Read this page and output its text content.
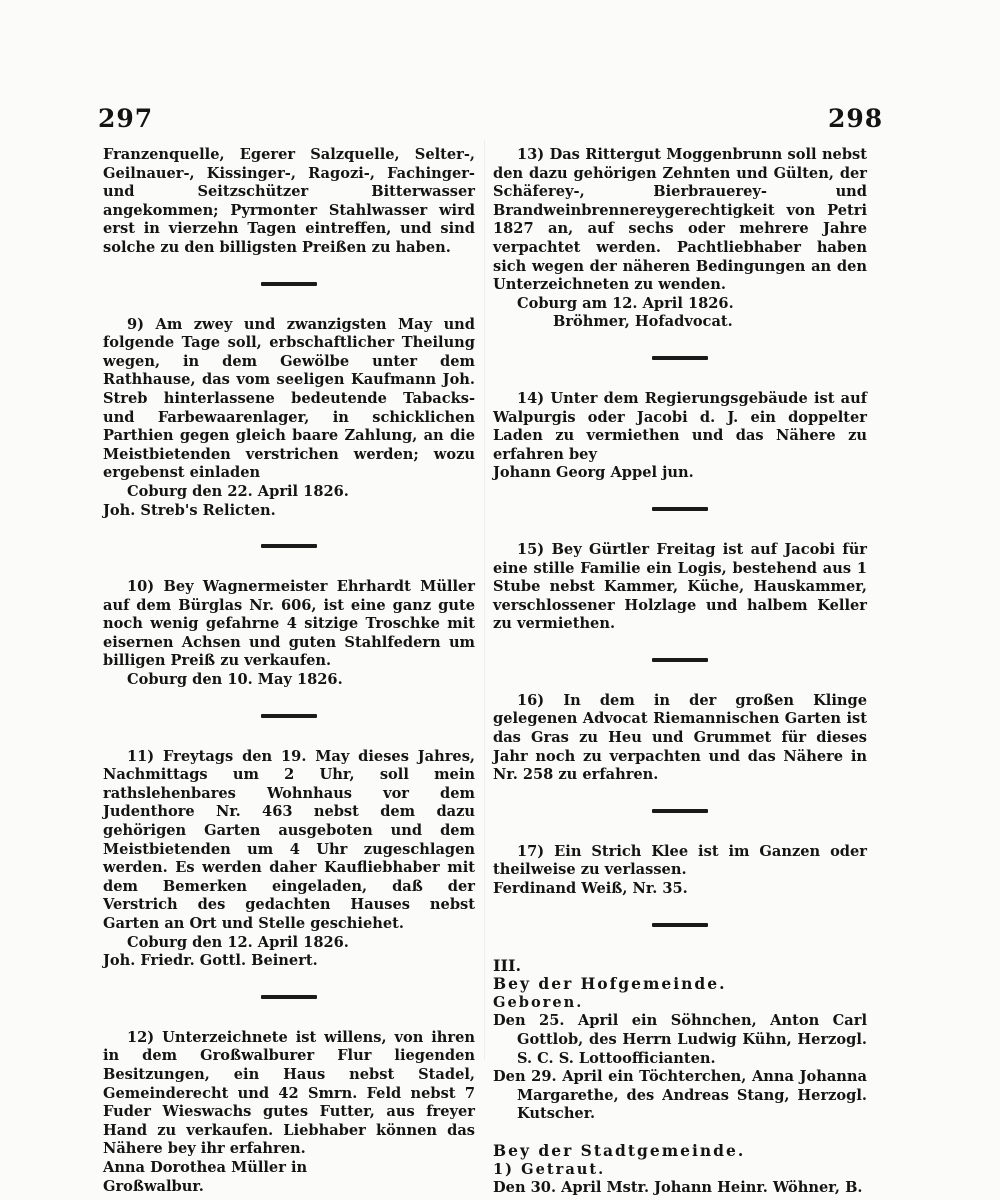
297	298

Franzenquelle, Egerer Salzquelle, Selter-, Geilnauer-, Kissinger-, Ragozi-, Fachinger- und Seitzschützer Bitterwasser angekommen; Pyrmonter Stahlwasser wird erst in vierzehn Tagen eintreffen, und sind solche zu den billigsten Preißen zu haben.

9) Am zwey und zwanzigsten May und folgende Tage soll, erbschaftlicher Theilung wegen, in dem Gewölbe unter dem Rathhause, das vom seeligen Kaufmann Joh. Streb hinterlassene bedeutende Tabacks- und Farbewaarenlager, in schicklichen Parthien gegen gleich baare Zahlung, an die Meistbietenden verstrichen werden; wozu ergebenst einladen

Coburg den 22. April 1826.

Joh. Streb's Relicten.

10) Bey Wagnermeister Ehrhardt Müller auf dem Bürglas Nr. 606, ist eine ganz gute noch wenig gefahrne 4 sitzige Troschke mit eisernen Achsen und guten Stahlfedern um billigen Preiß zu verkaufen.

Coburg den 10. May 1826.

11) Freytags den 19. May dieses Jahres, Nachmittags um 2 Uhr, soll mein rathslehenbares Wohnhaus vor dem Judenthore Nr. 463 nebst dem dazu gehörigen Garten ausgeboten und dem Meistbietenden um 4 Uhr zugeschlagen werden. Es werden daher Kaufliebhaber mit dem Bemerken eingeladen, daß der Verstrich des gedachten Hauses nebst Garten an Ort und Stelle geschiehet.

Coburg den 12. April 1826.

Joh. Friedr. Gottl. Beinert.

12) Unterzeichnete ist willens, von ihren in dem Großwalburer Flur liegenden Besitzungen, ein Haus nebst Stadel, Gemeinderecht und 42 Smrn. Feld nebst 7 Fuder Wieswachs gutes Futter, aus freyer Hand zu verkaufen. Liebhaber können das Nähere bey ihr erfahren.

Anna Dorothea Müller in

Großwalbur.

13) Das Rittergut Moggenbrunn soll nebst den dazu gehörigen Zehnten und Gülten, der Schäferey-, Bierbrauerey- und Brandweinbrennereygerechtigkeit von Petri 1827 an, auf sechs oder mehrere Jahre verpachtet werden. Pachtliebhaber haben sich wegen der näheren Bedingungen an den Unterzeichneten zu wenden.

Coburg am 12. April 1826.

Bröhmer, Hofadvocat.

14) Unter dem Regierungsgebäude ist auf Walpurgis oder Jacobi d. J. ein doppelter Laden zu vermiethen und das Nähere zu erfahren bey

Johann Georg Appel jun.

15) Bey Gürtler Freitag ist auf Jacobi für eine stille Familie ein Logis, bestehend aus 1 Stube nebst Kammer, Küche, Hauskammer, verschlossener Holzlage und halbem Keller zu vermiethen.

16) In dem in der großen Klinge gelegenen Advocat Riemannischen Garten ist das Gras zu Heu und Grummet für dieses Jahr noch zu verpachten und das Nähere in Nr. 258 zu erfahren.

17) Ein Strich Klee ist im Ganzen oder theilweise zu verlassen.

Ferdinand Weiß, Nr. 35.

III.

Bey der Hofgemeinde.

Geboren.

Den 25. April ein Söhnchen, Anton Carl Gottlob, des Herrn Ludwig Kühn, Herzogl. S. C. S. Lottoofficianten.

Den 29. April ein Töchterchen, Anna Johanna Margarethe, des Andreas Stang, Herzogl. Kutscher.

Bey der Stadtgemeinde.

1) Getraut.

Den 30. April Mstr. Johann Heinr. Wöhner, B.
